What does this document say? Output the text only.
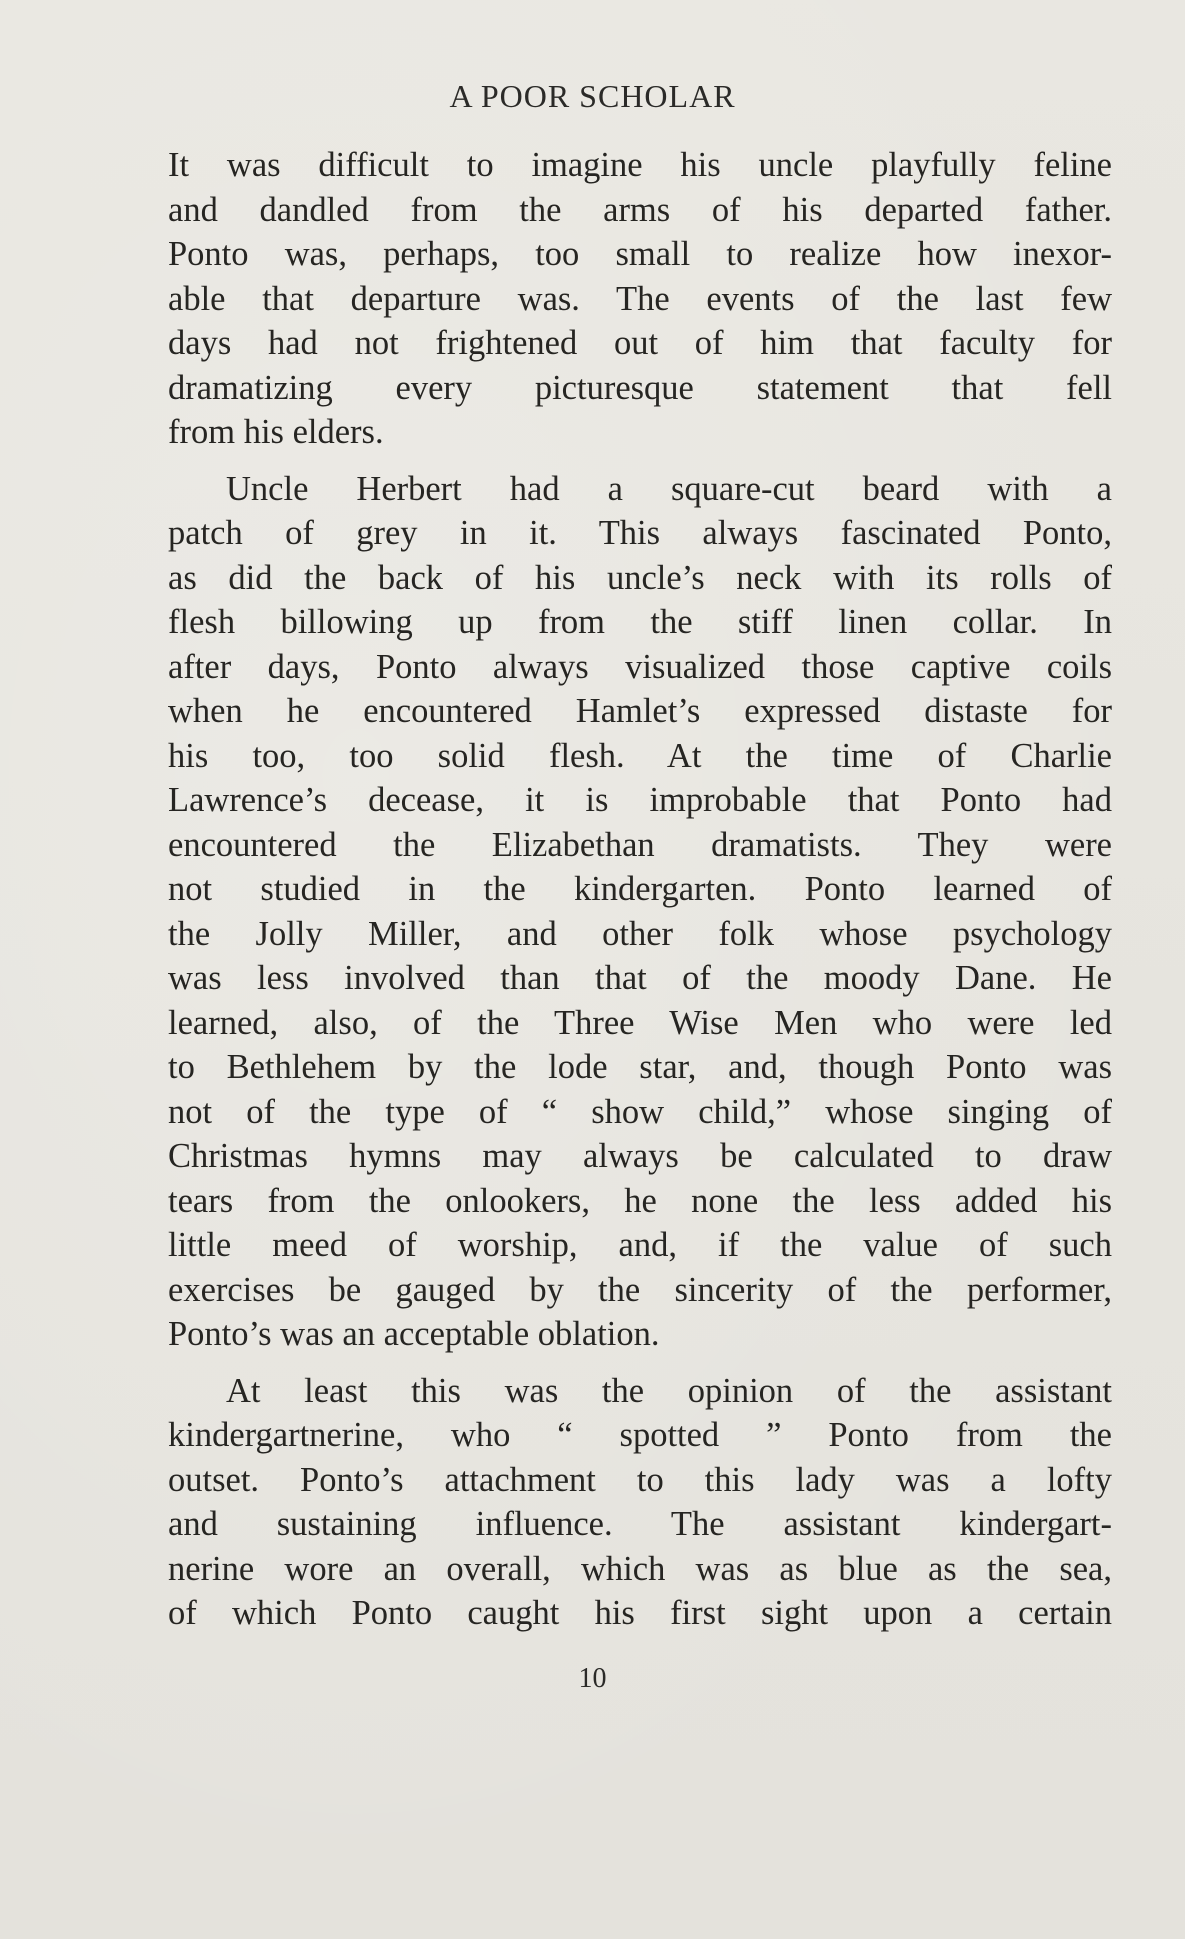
A POOR SCHOLAR

It was difficult to imagine his uncle playfully feline
and dandled from the arms of his departed father.
Ponto was, perhaps, too small to realize how inexor-
able that departure was. The events of the last few
days had not frightened out of him that faculty for
dramatizing every picturesque statement that fell
from his elders.

Uncle Herbert had a square-cut beard with a
patch of grey in it. This always fascinated Ponto,
as did the back of his uncle’s neck with its rolls of
flesh billowing up from the stiff linen collar. In
after days, Ponto always visualized those captive coils
when he encountered Hamlet’s expressed distaste for
his too, too solid flesh. At the time of Charlie
Lawrence’s decease, it is improbable that Ponto had
encountered the Elizabethan dramatists. They were
not studied in the kindergarten. Ponto learned of
the Jolly Miller, and other folk whose psychology
was less involved than that of the moody Dane. He
learned, also, of the Three Wise Men who were led
to Bethlehem by the lode star, and, though Ponto was
not of the type of “ show child,” whose singing of
Christmas hymns may always be calculated to draw
tears from the onlookers, he none the less added his
little meed of worship, and, if the value of such
exercises be gauged by the sincerity of the performer,
Ponto’s was an acceptable oblation.

At least this was the opinion of the assistant
kindergartnerine, who “ spotted ” Ponto from the
outset. Ponto’s attachment to this lady was a lofty
and sustaining influence. The assistant kindergart-
nerine wore an overall, which was as blue as the sea,
of which Ponto caught his first sight upon a certain

10
